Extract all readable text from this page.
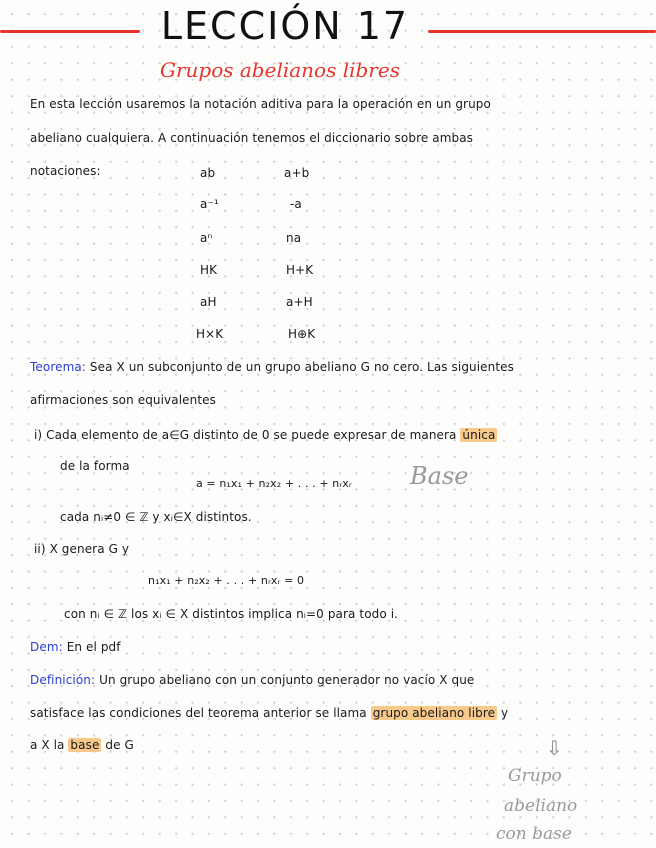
LECCIÓN 17
Grupos abelianos libres
En esta lección usaremos la notación aditiva para la operación en un grupo
abeliano cualquiera. A continuación tenemos el diccionario sobre ambas
notaciones:	ab	a+b
a⁻¹	-a
aⁿ	na
HK	H+K
aH	a+H
H×K	H⊕K
Teorema: Sea X un subconjunto de un grupo abeliano G no cero. Las siguientes
afirmaciones son equivalentes
i) Cada elemento de a∈G distinto de 0 se puede expresar de manera única
de la forma
a = n₁x₁ + n₂x₂ + . . . + nᵣxᵣ Base
cada nᵢ≠0 ∈ ℤ y xᵢ∈X distintos.
ii) X genera G y
n₁x₁ + n₂x₂ + . . . + nᵣxᵣ = 0
con nᵢ ∈ ℤ los xᵢ ∈ X distintos implica nᵢ=0 para todo i.
Dem: En el pdf
Definición: Un grupo abeliano con un conjunto generador no vacío X que
satisface las condiciones del teorema anterior se llama grupo abeliano libre y
a X la base de G	⇩
Grupo
abeliano
con base
